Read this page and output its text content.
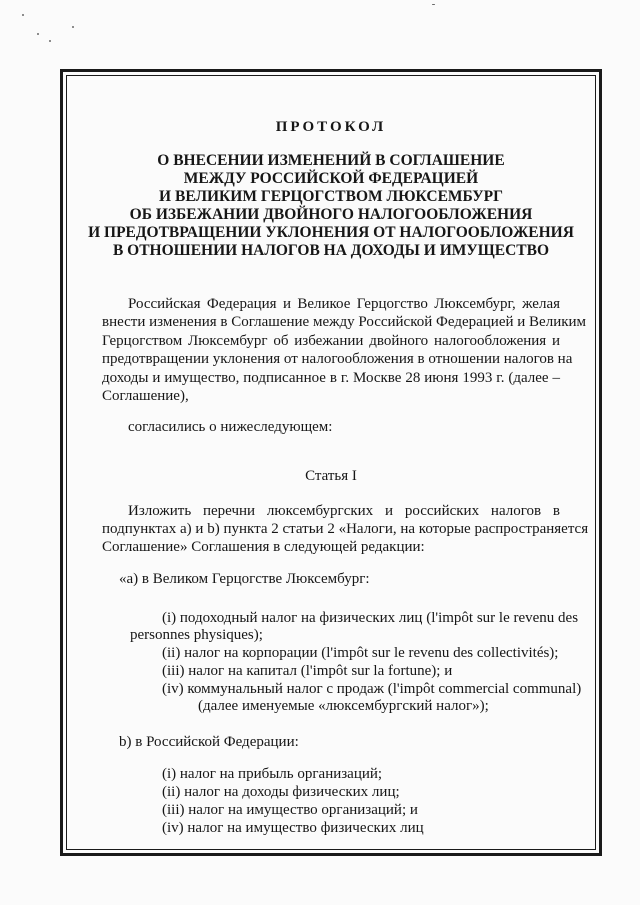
ПРОТОКОЛ
О ВНЕСЕНИИ ИЗМЕНЕНИЙ В СОГЛАШЕНИЕ
МЕЖДУ РОССИЙСКОЙ ФЕДЕРАЦИЕЙ
И ВЕЛИКИМ ГЕРЦОГСТВОМ ЛЮКСЕМБУРГ
ОБ ИЗБЕЖАНИИ ДВОЙНОГО НАЛОГООБЛОЖЕНИЯ
И ПРЕДОТВРАЩЕНИИ УКЛОНЕНИЯ ОТ НАЛОГООБЛОЖЕНИЯ
В ОТНОШЕНИИ НАЛОГОВ НА ДОХОДЫ И ИМУЩЕСТВО
Российская Федерация и Великое Герцогство Люксембург, желая
внести изменения в Соглашение между Российской Федерацией и Великим
Герцогством Люксембург об избежании двойного налогообложения и
предотвращении уклонения от налогообложения в отношении налогов на
доходы и имущество, подписанное в г. Москве 28 июня 1993 г. (далее –
Соглашение),
согласились о нижеследующем:
Статья I
Изложить перечни люксембургских и российских налогов в
подпунктах a) и b) пункта 2 статьи 2 «Налоги, на которые распространяется
Соглашение» Соглашения в следующей редакции:
«a) в Великом Герцогстве Люксембург:
(i) подоходный налог на физических лиц (l'impôt sur le revenu des
personnes physiques);
(ii) налог на корпорации (l'impôt sur le revenu des collectivités);
(iii) налог на капитал (l'impôt sur la fortune); и
(iv) коммунальный налог с продаж (l'impôt commercial communal)
(далее именуемые «люксембургский налог»);
b) в Российской Федерации:
(i) налог на прибыль организаций;
(ii) налог на доходы физических лиц;
(iii) налог на имущество организаций; и
(iv) налог на имущество физических лиц
